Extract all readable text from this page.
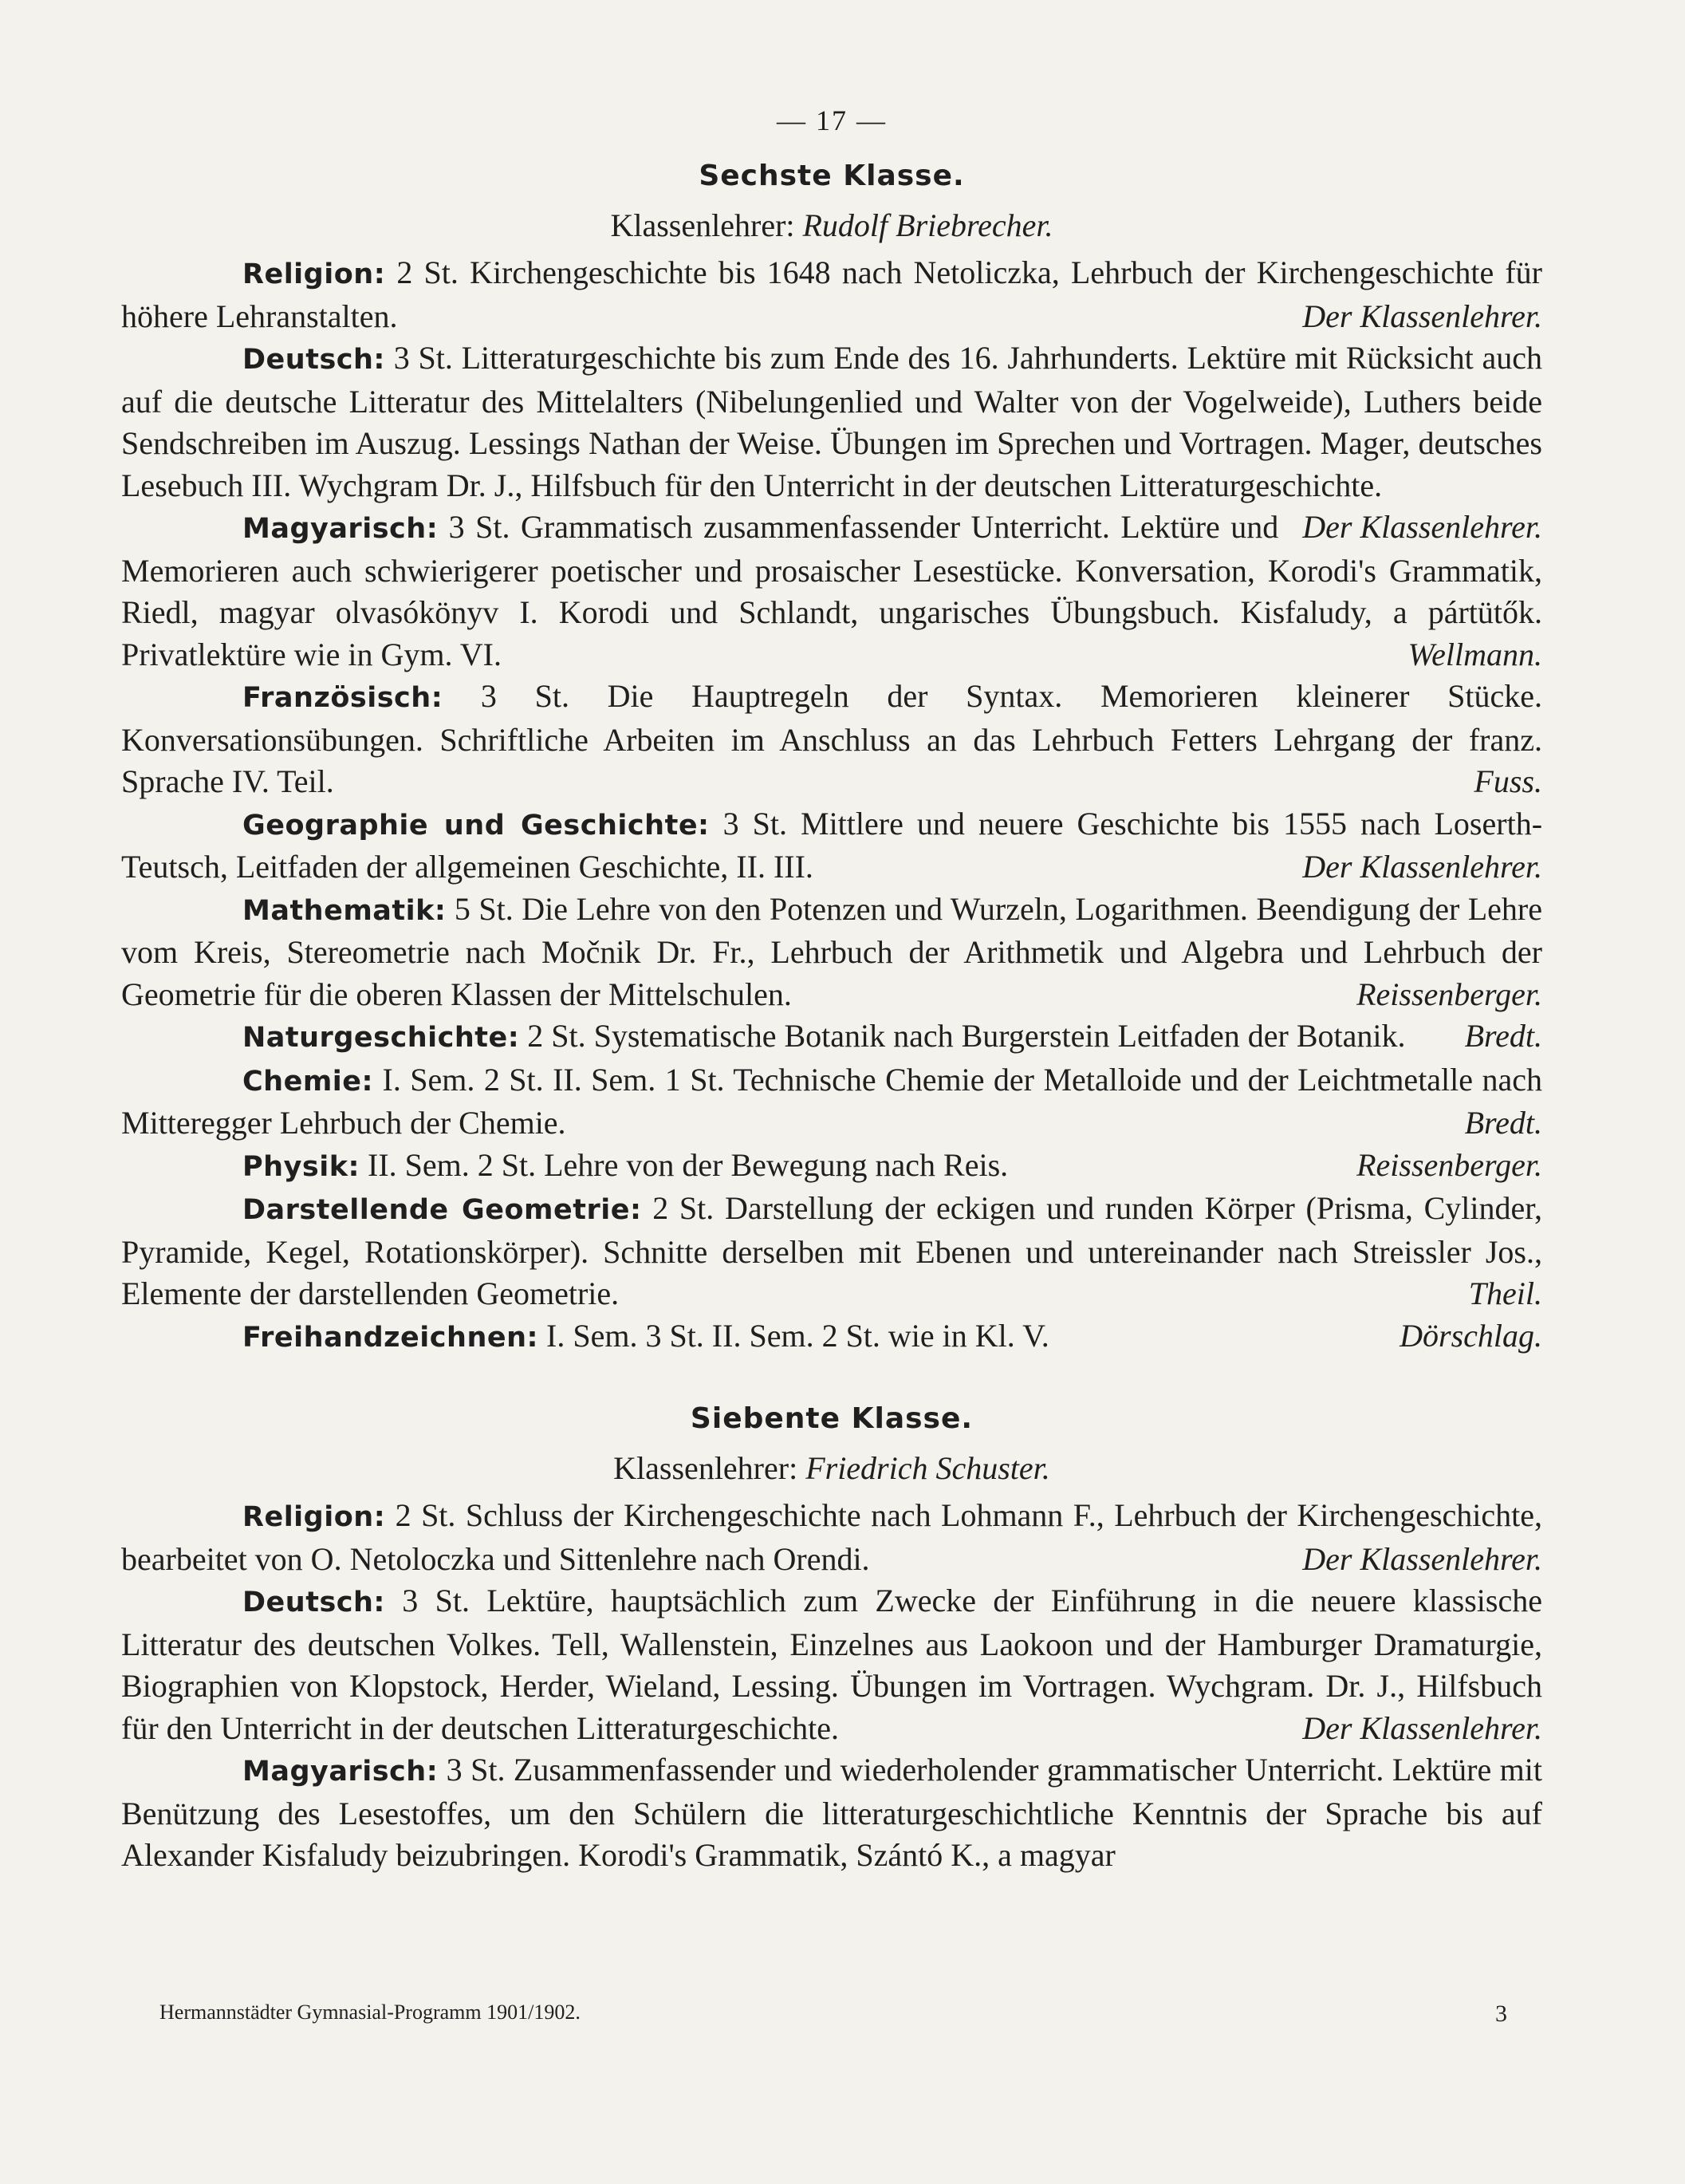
— 17 —
Sechste Klasse.
Klassenlehrer: Rudolf Briebrecher.

Religion: 2 St. Kirchengeschichte bis 1648 nach Netoliczka, Lehrbuch der Kirchengeschichte für höhere Lehranstalten.	Der Klassenlehrer.

Deutsch: 3 St. Litteraturgeschichte bis zum Ende des 16. Jahrhunderts. Lektüre mit Rücksicht auch auf die deutsche Litteratur des Mittelalters (Nibelungenlied und Walter von der Vogelweide), Luthers beide Sendschreiben im Auszug. Lessings Nathan der Weise. Übungen im Sprechen und Vortragen. Mager, deutsches Lesebuch III. Wychgram Dr. J., Hilfsbuch für den Unterricht in der deutschen Litteraturgeschichte.
Der Klassenlehrer.

Magyarisch: 3 St. Grammatisch zusammenfassender Unterricht. Lektüre und Memorieren auch schwierigerer poetischer und prosaischer Lesestücke. Konversation, Korodi's Grammatik, Riedl, magyar olvasókönyv I. Korodi und Schlandt, ungarisches Übungsbuch. Kisfaludy, a pártütők. Privatlektüre wie in Gym. VI.	Wellmann.

Französisch: 3 St. Die Hauptregeln der Syntax. Memorieren kleinerer Stücke. Konversationsübungen. Schriftliche Arbeiten im Anschluss an das Lehrbuch Fetters Lehrgang der franz. Sprache IV. Teil.	Fuss.

Geographie und Geschichte: 3 St. Mittlere und neuere Geschichte bis 1555 nach Loserth-Teutsch, Leitfaden der allgemeinen Geschichte, II. III.	Der Klassenlehrer.

Mathematik: 5 St. Die Lehre von den Potenzen und Wurzeln, Logarithmen. Beendigung der Lehre vom Kreis, Stereometrie nach Močnik Dr. Fr., Lehrbuch der Arithmetik und Algebra und Lehrbuch der Geometrie für die oberen Klassen der Mittelschulen.	Reissenberger.

Naturgeschichte: 2 St. Systematische Botanik nach Burgerstein Leitfaden der Botanik.	Bredt.

Chemie: I. Sem. 2 St. II. Sem. 1 St. Technische Chemie der Metalloide und der Leichtmetalle nach Mitteregger Lehrbuch der Chemie.	Bredt.

Physik: II. Sem. 2 St. Lehre von der Bewegung nach Reis.	Reissenberger.

Darstellende Geometrie: 2 St. Darstellung der eckigen und runden Körper (Prisma, Cylinder, Pyramide, Kegel, Rotationskörper). Schnitte derselben mit Ebenen und untereinander nach Streissler Jos., Elemente der darstellenden Geometrie.	Theil.

Freihandzeichnen: I. Sem. 3 St. II. Sem. 2 St. wie in Kl. V.	Dörschlag.

Siebente Klasse.
Klassenlehrer: Friedrich Schuster.

Religion: 2 St. Schluss der Kirchengeschichte nach Lohmann F., Lehrbuch der Kirchengeschichte, bearbeitet von O. Netoloczka und Sittenlehre nach Orendi.	Der Klassenlehrer.

Deutsch: 3 St. Lektüre, hauptsächlich zum Zwecke der Einführung in die neuere klassische Litteratur des deutschen Volkes. Tell, Wallenstein, Einzelnes aus Laokoon und der Hamburger Dramaturgie, Biographien von Klopstock, Herder, Wieland, Lessing. Übungen im Vortragen. Wychgram. Dr. J., Hilfsbuch für den Unterricht in der deutschen Litteraturgeschichte.	Der Klassenlehrer.

Magyarisch: 3 St. Zusammenfassender und wiederholender grammatischer Unterricht. Lektüre mit Benützung des Lesestoffes, um den Schülern die litteraturgeschichtliche Kenntnis der Sprache bis auf Alexander Kisfaludy beizubringen. Korodi's Grammatik, Szántó K., a magyar

Hermannstädter Gymnasial-Programm 1901/1902.	3
